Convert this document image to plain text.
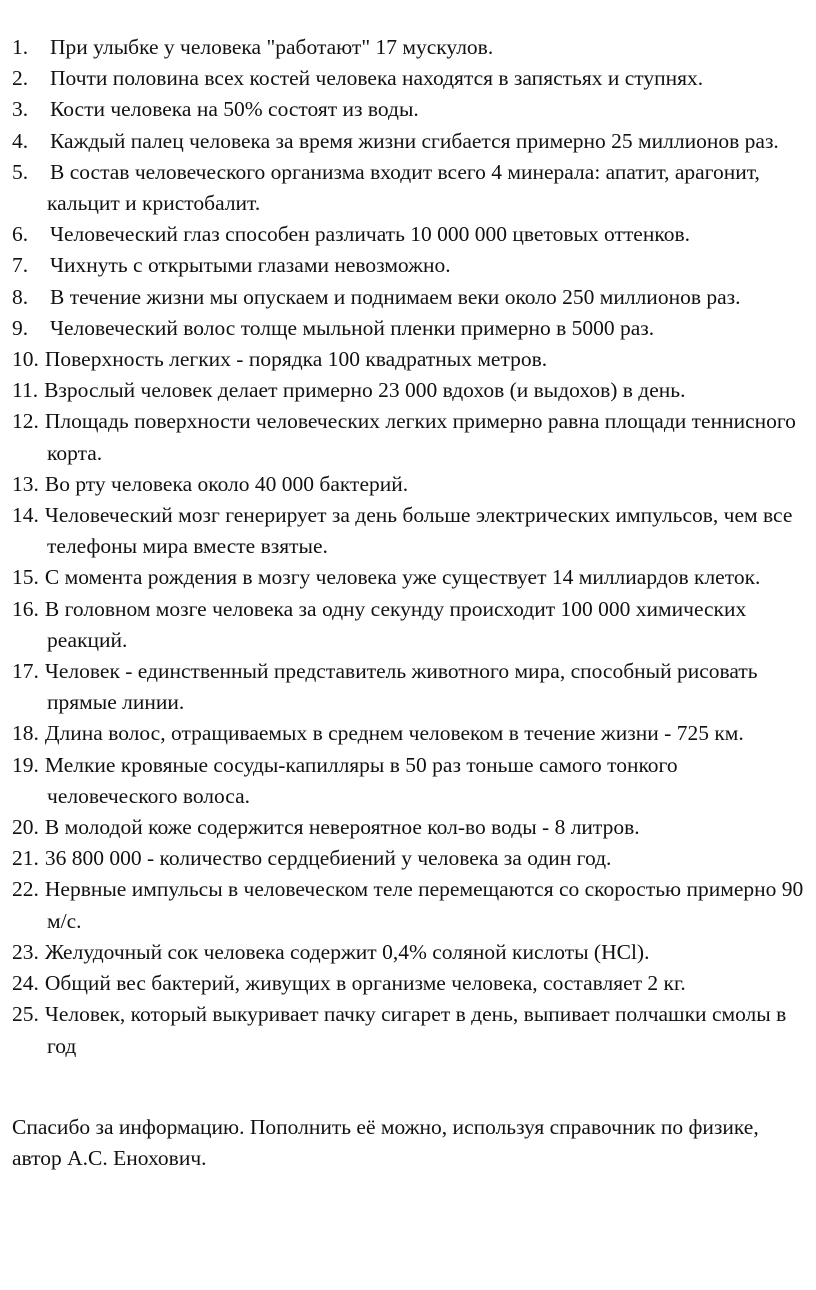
1. При улыбке у человека "работают" 17 мускулов.
2. Почти половина всех костей человека находятся в запястьях и ступнях.
3. Кости человека на 50% состоят из воды.
4. Каждый палец человека за время жизни сгибается примерно 25 миллионов раз.
5. В состав человеческого организма входит всего 4 минерала: апатит, арагонит, кальцит и кристобалит.
6. Человеческий глаз способен различать 10 000 000 цветовых оттенков.
7. Чихнуть с открытыми глазами невозможно.
8. В течение жизни мы опускаем и поднимаем веки около 250 миллионов раз.
9. Человеческий волос толще мыльной пленки примерно в 5000 раз.
10. Поверхность легких - порядка 100 квадратных метров.
11. Взрослый человек делает примерно 23 000 вдохов (и выдохов) в день.
12. Площадь поверхности человеческих легких примерно равна площади теннисного корта.
13. Во рту человека около 40 000 бактерий.
14. Человеческий мозг генерирует за день больше электрических импульсов, чем все телефоны мира вместе взятые.
15. С момента рождения в мозгу человека уже существует 14 миллиардов клеток.
16. В головном мозге человека за одну секунду происходит 100 000 химических реакций.
17. Человек - единственный представитель животного мира, способный рисовать прямые линии.
18. Длина волос, отращиваемых в среднем человеком в течение жизни - 725 км.
19. Мелкие кровяные сосуды-капилляры в 50 раз тоньше самого тонкого человеческого волоса.
20. В молодой коже содержится невероятное кол-во воды - 8 литров.
21. 36 800 000 - количество сердцебиений у человека за один год.
22. Нервные импульсы в человеческом теле перемещаются со скоростью примерно 90 м/с.
23. Желудочный сок человека содержит 0,4% соляной кислоты (HCl).
24. Общий вес бактерий, живущих в организме человека, составляет 2 кг.
25. Человек, который выкуривает пачку сигарет в день, выпивает полчашки смолы в год

Спасибо за информацию. Пополнить её можно, используя справочник по физике, автор А.С. Енохович.
